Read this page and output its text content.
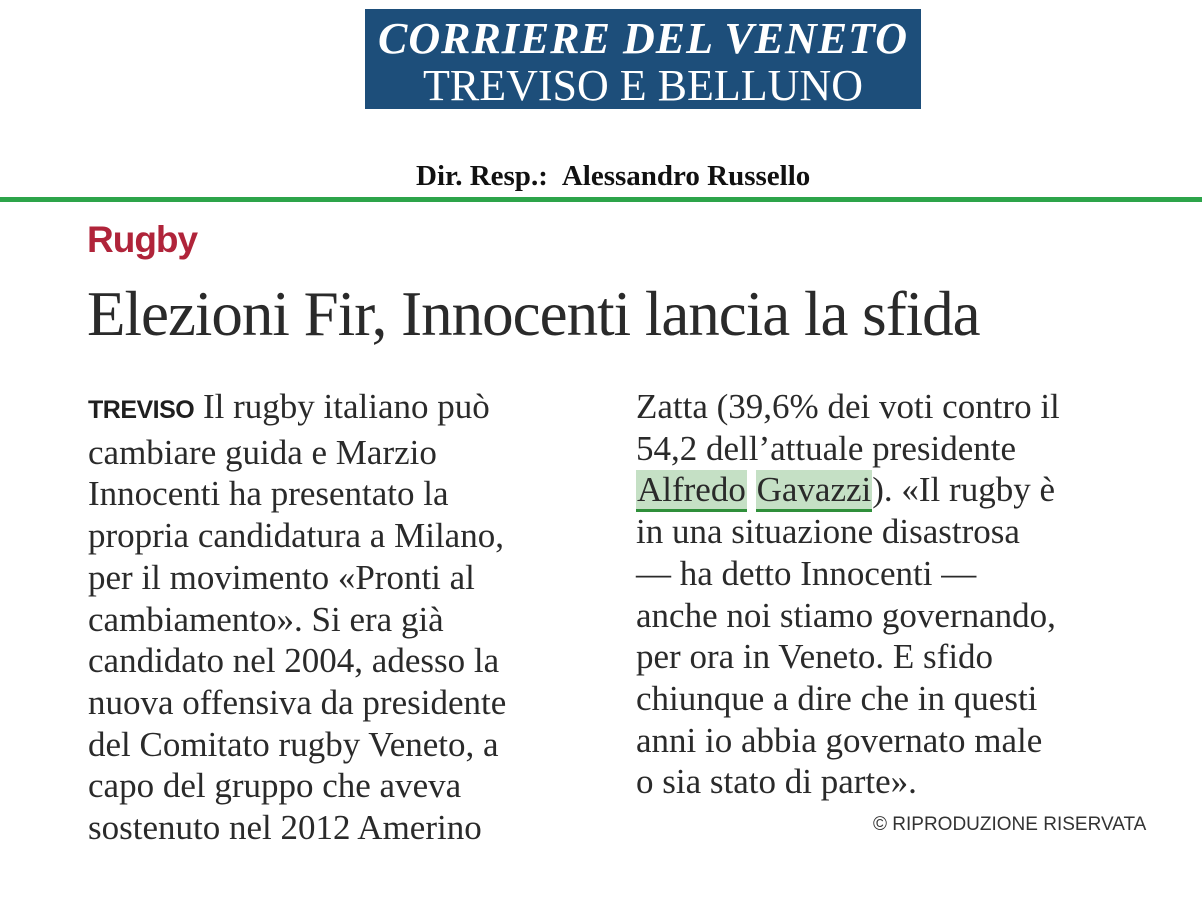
CORRIERE DEL VENETO
TREVISO E BELLUNO
Dir. Resp.: Alessandro Russello
Rugby
Elezioni Fir, Innocenti lancia la sfida
TREVISO Il rugby italiano può
cambiare guida e Marzio
Innocenti ha presentato la
propria candidatura a Milano,
per il movimento «Pronti al
cambiamento». Si era già
candidato nel 2004, adesso la
nuova offensiva da presidente
del Comitato rugby Veneto, a
capo del gruppo che aveva
sostenuto nel 2012 Amerino
Zatta (39,6% dei voti contro il
54,2 dell’attuale presidente
Alfredo Gavazzi). «Il rugby è
in una situazione disastrosa
— ha detto Innocenti —
anche noi stiamo governando,
per ora in Veneto. E sfido
chiunque a dire che in questi
anni io abbia governato male
o sia stato di parte».
© RIPRODUZIONE RISERVATA
